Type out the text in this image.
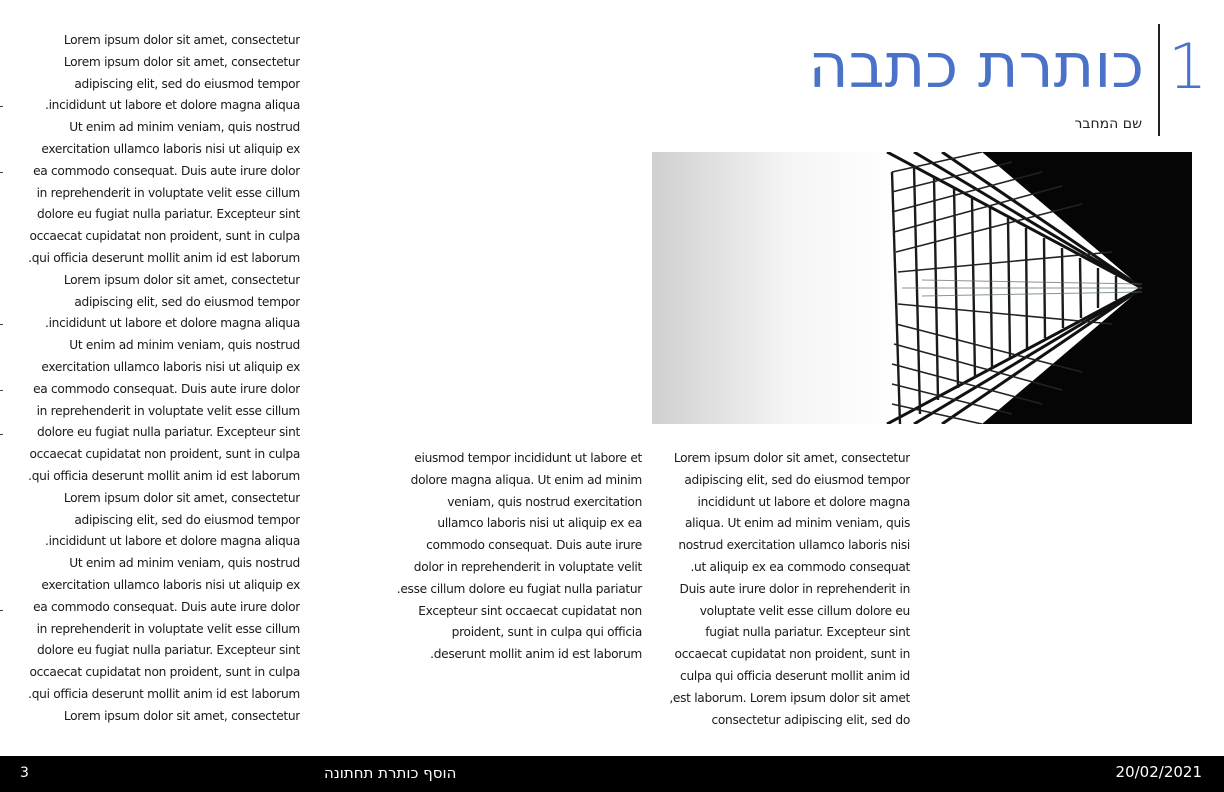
1
כותרת כתבה
שם המחבר
Lorem ipsum dolor sit amet, consectetur
Lorem ipsum dolor sit amet, consectetur
adipiscing elit, sed do eiusmod tempor
incididunt ut labore et dolore magna aliqua.
Ut enim ad minim veniam, quis nostrud
exercitation ullamco laboris nisi ut aliquip ex
ea commodo consequat. Duis aute irure dolor
in reprehenderit in voluptate velit esse cillum
dolore eu fugiat nulla pariatur. Excepteur sint
occaecat cupidatat non proident, sunt in culpa
qui officia deserunt mollit anim id est laborum.
Lorem ipsum dolor sit amet, consectetur
adipiscing elit, sed do eiusmod tempor
incididunt ut labore et dolore magna aliqua.
Ut enim ad minim veniam, quis nostrud
exercitation ullamco laboris nisi ut aliquip ex
ea commodo consequat. Duis aute irure dolor
in reprehenderit in voluptate velit esse cillum
dolore eu fugiat nulla pariatur. Excepteur sint
occaecat cupidatat non proident, sunt in culpa
qui officia deserunt mollit anim id est laborum.
Lorem ipsum dolor sit amet, consectetur
adipiscing elit, sed do eiusmod tempor
incididunt ut labore et dolore magna aliqua.
Ut enim ad minim veniam, quis nostrud
exercitation ullamco laboris nisi ut aliquip ex
ea commodo consequat. Duis aute irure dolor
in reprehenderit in voluptate velit esse cillum
dolore eu fugiat nulla pariatur. Excepteur sint
occaecat cupidatat non proident, sunt in culpa
qui officia deserunt mollit anim id est laborum.
Lorem ipsum dolor sit amet, consectetur
eiusmod tempor incididunt ut labore et
dolore magna aliqua. Ut enim ad minim
veniam, quis nostrud exercitation
ullamco laboris nisi ut aliquip ex ea
commodo consequat. Duis aute irure
dolor in reprehenderit in voluptate velit
esse cillum dolore eu fugiat nulla pariatur.
Excepteur sint occaecat cupidatat non
proident, sunt in culpa qui officia
deserunt mollit anim id est laborum.
Lorem ipsum dolor sit amet, consectetur
adipiscing elit, sed do eiusmod tempor
incididunt ut labore et dolore magna
aliqua. Ut enim ad minim veniam, quis
nostrud exercitation ullamco laboris nisi
ut aliquip ex ea commodo consequat.
Duis aute irure dolor in reprehenderit in
voluptate velit esse cillum dolore eu
fugiat nulla pariatur. Excepteur sint
occaecat cupidatat non proident, sunt in
culpa qui officia deserunt mollit anim id
est laborum. Lorem ipsum dolor sit amet,
consectetur adipiscing elit, sed do
3	הוסף כותרת תחתונה	20/02/2021
